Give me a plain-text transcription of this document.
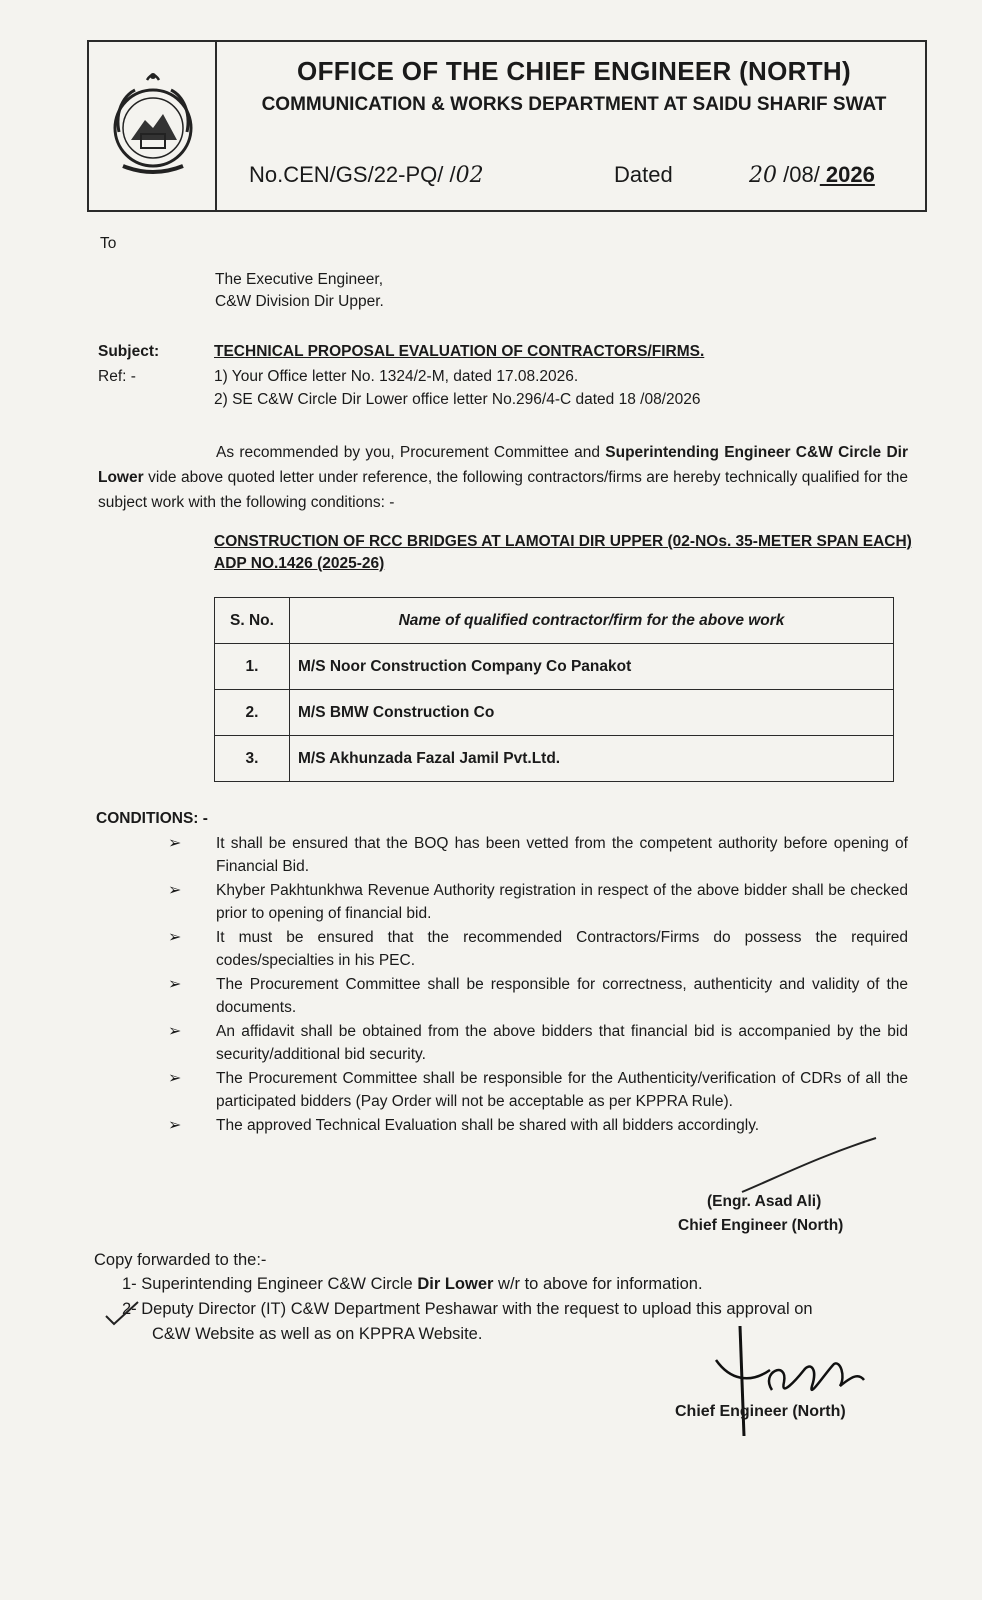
OFFICE OF THE CHIEF ENGINEER (NORTH)
COMMUNICATION & WORKS DEPARTMENT AT SAIDU SHARIF SWAT
No.CEN/GS/22-PQ/ /02	Dated	20 /08/ 2026
To
The Executive Engineer,
C&W Division Dir Upper.
Subject:	TECHNICAL PROPOSAL EVALUATION OF CONTRACTORS/FIRMS.
Ref: -	1) Your Office letter No. 1324/2-M, dated 17.08.2026.
2) SE C&W Circle Dir Lower office letter No.296/4-C dated 18 /08/2026
As recommended by you, Procurement Committee and Superintending Engineer C&W Circle Dir Lower vide above quoted letter under reference, the following contractors/firms are hereby technically qualified for the subject work with the following conditions: -
CONSTRUCTION OF RCC BRIDGES AT LAMOTAI DIR UPPER (02-NOs. 35-METER SPAN EACH)
ADP NO.1426 (2025-26)
S. No.	Name of qualified contractor/firm for the above work
1.	M/S Noor Construction Company Co Panakot
2.	M/S BMW Construction Co
3.	M/S Akhunzada Fazal Jamil Pvt.Ltd.
CONDITIONS: -
➢ It shall be ensured that the BOQ has been vetted from the competent authority before opening of Financial Bid.
➢ Khyber Pakhtunkhwa Revenue Authority registration in respect of the above bidder shall be checked prior to opening of financial bid.
➢ It must be ensured that the recommended Contractors/Firms do possess the required codes/specialties in his PEC.
➢ The Procurement Committee shall be responsible for correctness, authenticity and validity of the documents.
➢ An affidavit shall be obtained from the above bidders that financial bid is accompanied by the bid security/additional bid security.
➢ The Procurement Committee shall be responsible for the Authenticity/verification of CDRs of all the participated bidders (Pay Order will not be acceptable as per KPPRA Rule).
➢ The approved Technical Evaluation shall be shared with all bidders accordingly.
(Engr. Asad Ali)
Chief Engineer (North)
Copy forwarded to the:-
1- Superintending Engineer C&W Circle Dir Lower w/r to above for information.
2- Deputy Director (IT) C&W Department Peshawar with the request to upload this approval on
C&W Website as well as on KPPRA Website.
Chief Engineer (North)
